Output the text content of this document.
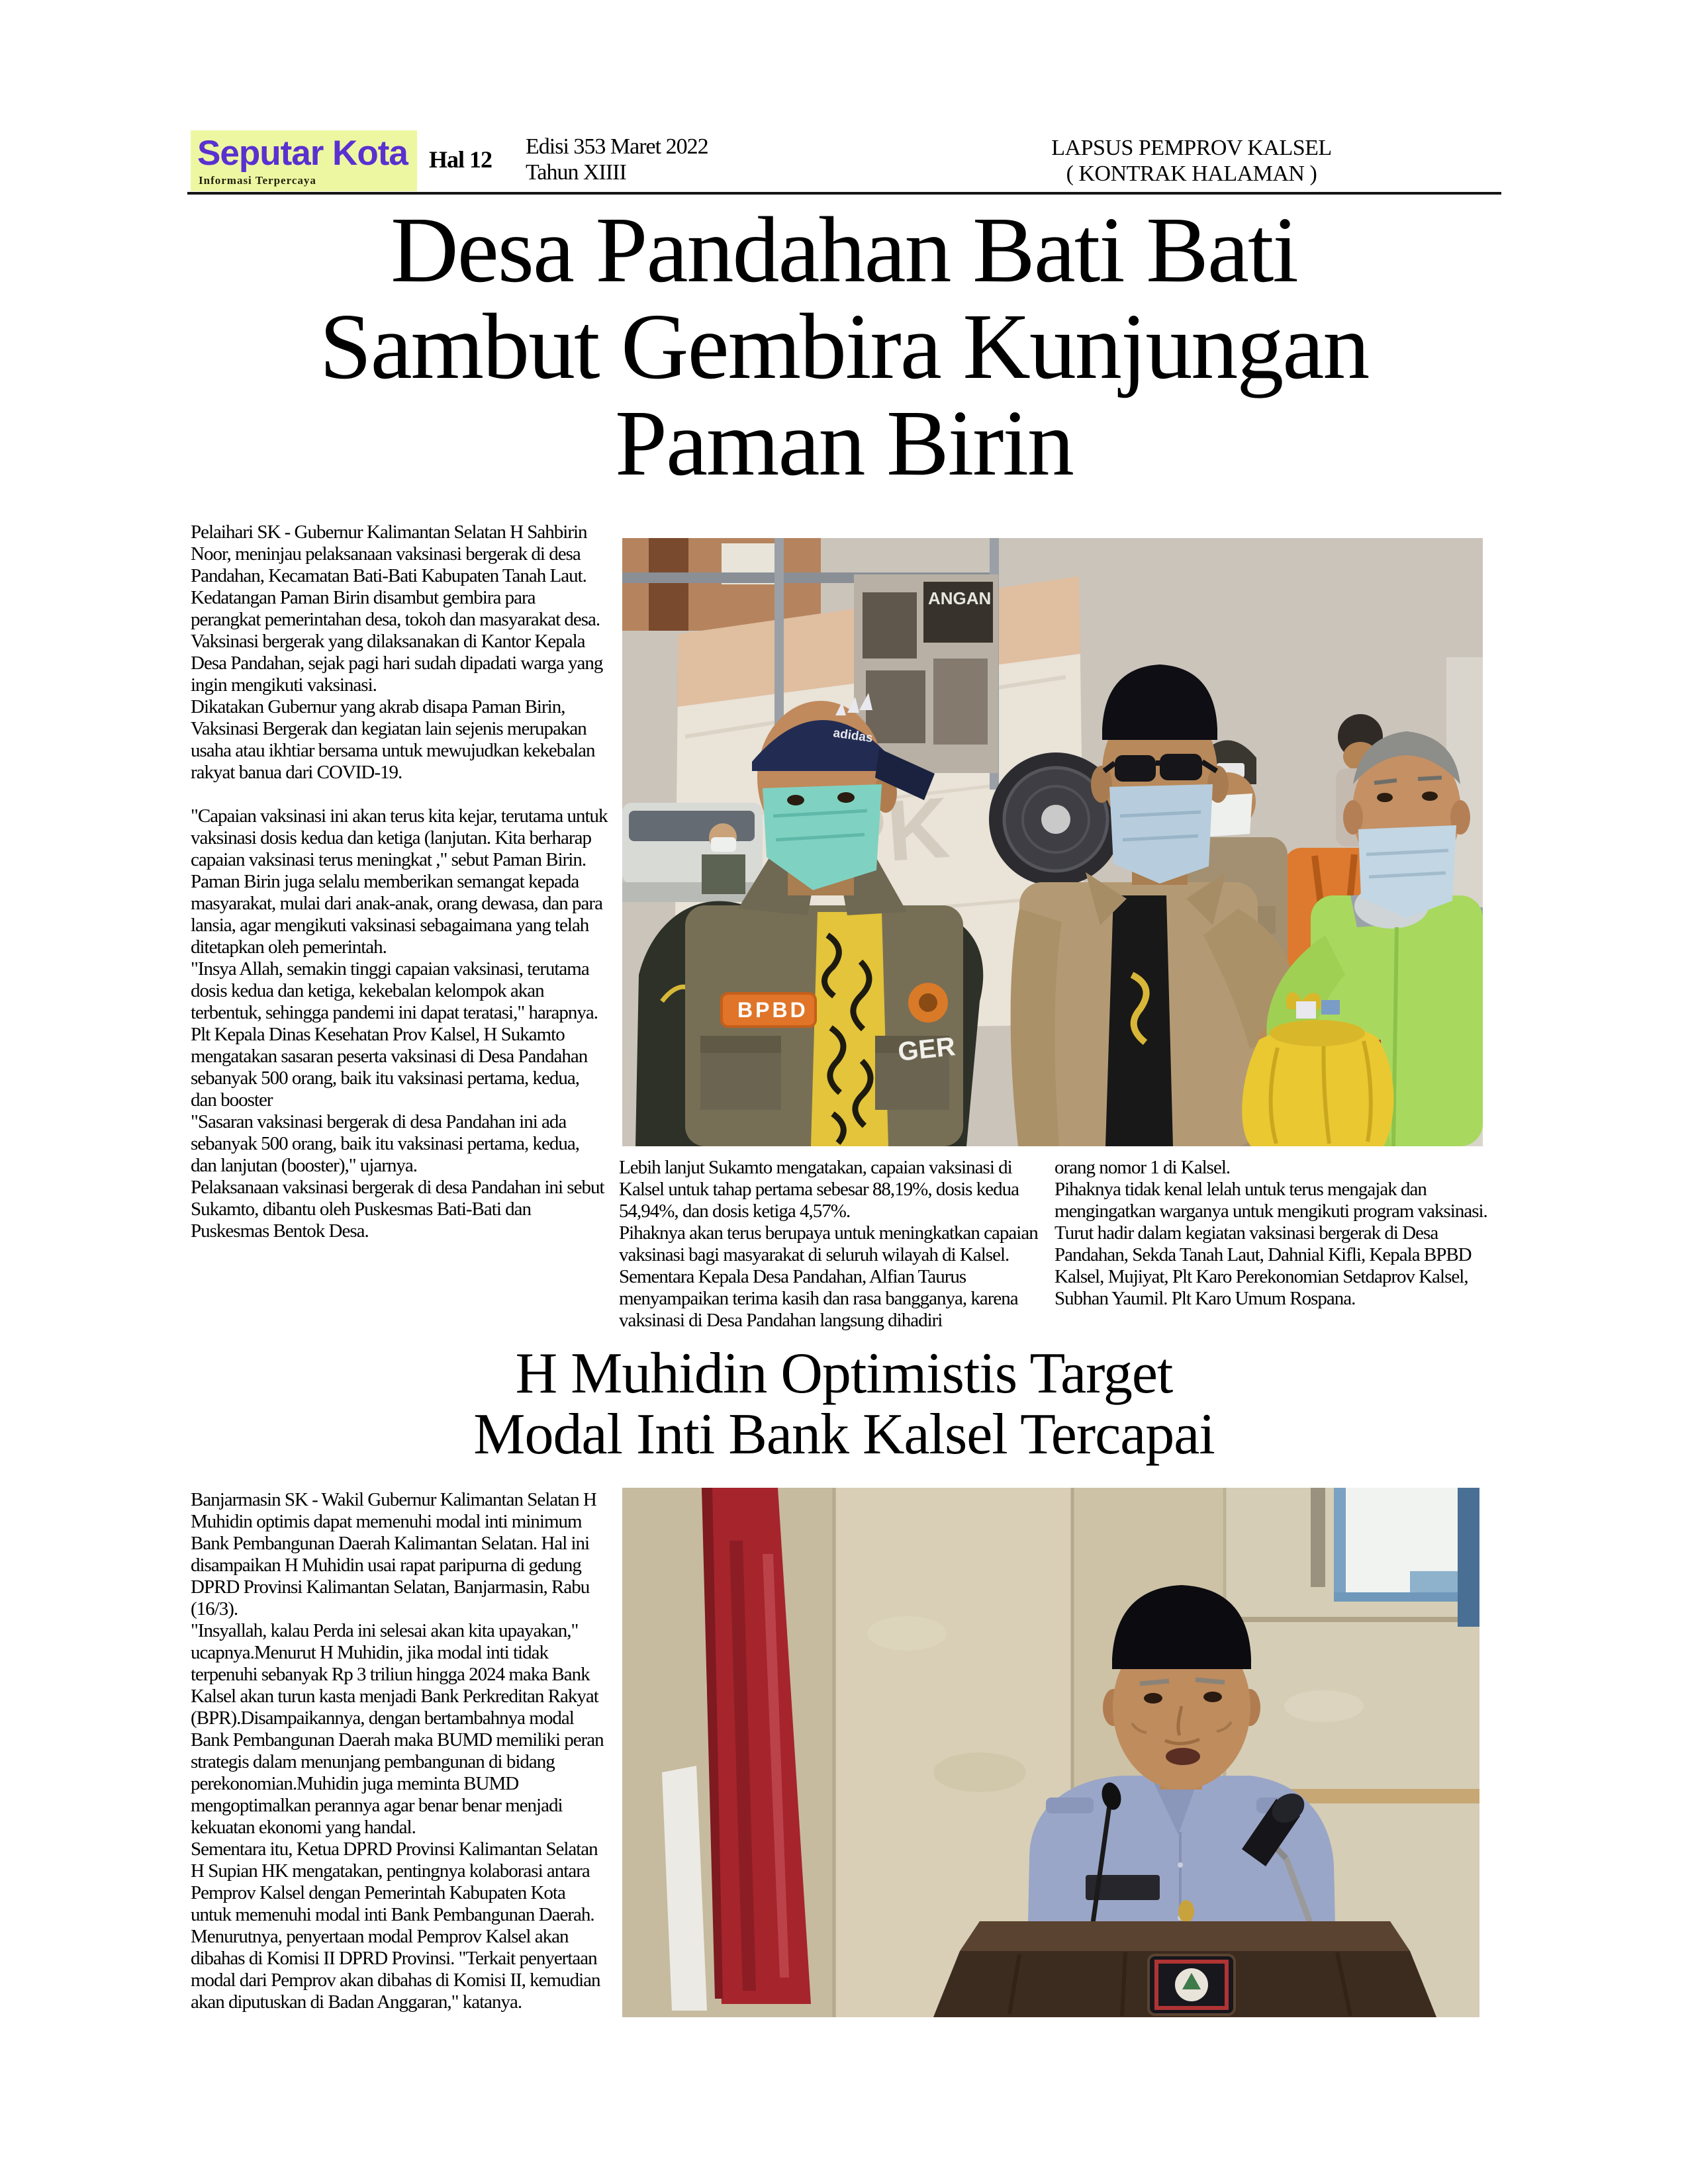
Seputar Kota
Informasi Terpercaya
Hal 12 Edisi 353 Maret 2022
Tahun XIIII
LAPSUS PEMPROV KALSEL
( KONTRAK HALAMAN )
Desa Pandahan Bati Bati
Sambut Gembira Kunjungan
Paman Birin

Pelaihari SK - Gubernur Kalimantan Selatan H Sahbirin Noor, meninjau pelaksanaan vaksinasi bergerak di desa Pandahan, Kecamatan Bati-Bati Kabupaten Tanah Laut.

Kedatangan Paman Birin disambut gembira para perangkat pemerintahan desa, tokoh dan masyarakat desa.

Vaksinasi bergerak yang dilaksanakan di Kantor Kepala Desa Pandahan, sejak pagi hari sudah dipadati warga yang ingin mengikuti vaksinasi.

Dikatakan Gubernur yang akrab disapa Paman Birin, Vaksinasi Bergerak dan kegiatan lain sejenis merupakan usaha atau ikhtiar bersama untuk mewujudkan kekebalan rakyat banua dari COVID-19.

"Capaian vaksinasi ini akan terus kita kejar, terutama untuk vaksinasi dosis kedua dan ketiga (lanjutan. Kita berharap capaian vaksinasi terus meningkat ," sebut Paman Birin.

Paman Birin juga selalu memberikan semangat kepada masyarakat, mulai dari anak-anak, orang dewasa, dan para lansia, agar mengikuti vaksinasi sebagaimana yang telah ditetapkan oleh pemerintah.

"Insya Allah, semakin tinggi capaian vaksinasi, terutama dosis kedua dan ketiga, kekebalan kelompok akan terbentuk, sehingga pandemi ini dapat teratasi," harapnya.

Plt Kepala Dinas Kesehatan Prov Kalsel, H Sukamto mengatakan sasaran peserta vaksinasi di Desa Pandahan sebanyak 500 orang, baik itu vaksinasi pertama, kedua, dan booster

"Sasaran vaksinasi bergerak di desa Pandahan ini ada sebanyak 500 orang, baik itu vaksinasi pertama, kedua, dan lanjutan (booster)," ujarnya.

Pelaksanaan vaksinasi bergerak di desa Pandahan ini sebut Sukamto, dibantu oleh Puskesmas Bati-Bati dan Puskesmas Bentok Desa.

ANGAN
BPBD
GER
adidas

Lebih lanjut Sukamto mengatakan, capaian vaksinasi di Kalsel untuk tahap pertama sebesar 88,19%, dosis kedua 54,94%, dan dosis ketiga 4,57%.

Pihaknya akan terus berupaya untuk meningkatkan capaian vaksinasi bagi masyarakat di seluruh wilayah di Kalsel.

Sementara Kepala Desa Pandahan, Alfian Taurus menyampaikan terima kasih dan rasa bangganya, karena vaksinasi di Desa Pandahan langsung dihadiri

orang nomor 1 di Kalsel.

Pihaknya tidak kenal lelah untuk terus mengajak dan mengingatkan warganya untuk mengikuti program vaksinasi.

Turut hadir dalam kegiatan vaksinasi bergerak di Desa Pandahan, Sekda Tanah Laut, Dahnial Kifli, Kepala BPBD Kalsel, Mujiyat, Plt Karo Perekonomian Setdaprov Kalsel, Subhan Yaumil. Plt Karo Umum Rospana.

H Muhidin Optimistis Target
Modal Inti Bank Kalsel Tercapai

Banjarmasin SK - Wakil Gubernur Kalimantan Selatan H Muhidin optimis dapat memenuhi modal inti minimum Bank Pembangunan Daerah Kalimantan Selatan. Hal ini disampaikan H Muhidin usai rapat paripurna di gedung DPRD Provinsi Kalimantan Selatan, Banjarmasin, Rabu (16/3).

"Insyallah, kalau Perda ini selesai akan kita upayakan," ucapnya.Menurut H Muhidin, jika modal inti tidak terpenuhi sebanyak Rp 3 triliun hingga 2024 maka Bank Kalsel akan turun kasta menjadi Bank Perkreditan Rakyat (BPR).Disampaikannya, dengan bertambahnya modal Bank Pembangunan Daerah maka BUMD memiliki peran strategis dalam menunjang pembangunan di bidang perekonomian.Muhidin juga meminta BUMD mengoptimalkan perannya agar benar benar menjadi kekuatan ekonomi yang handal.

Sementara itu, Ketua DPRD Provinsi Kalimantan Selatan H Supian HK mengatakan, pentingnya kolaborasi antara Pemprov Kalsel dengan Pemerintah Kabupaten Kota untuk memenuhi modal inti Bank Pembangunan Daerah. Menurutnya, penyertaan modal Pemprov Kalsel akan dibahas di Komisi II DPRD Provinsi. "Terkait penyertaan modal dari Pemprov akan dibahas di Komisi II, kemudian akan diputuskan di Badan Anggaran," katanya.
